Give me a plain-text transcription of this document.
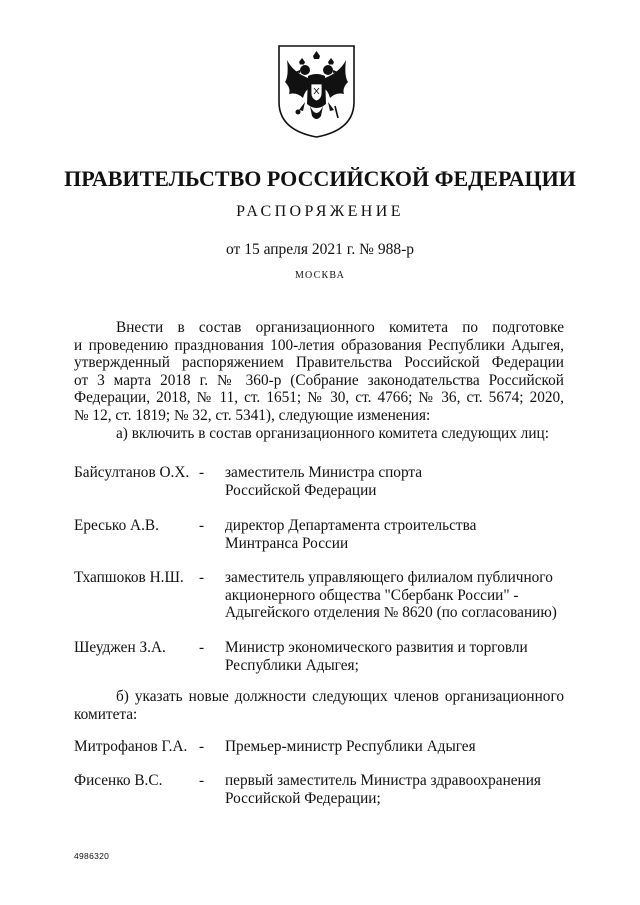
ПРАВИТЕЛЬСТВО РОССИЙСКОЙ ФЕДЕРАЦИИ
РАСПОРЯЖЕНИЕ
от 15 апреля 2021 г. № 988-р
МОСКВА
Внести в состав организационного комитета по подготовке
и проведению празднования 100-летия образования Республики Адыгея,
утвержденный распоряжением Правительства Российской Федерации
от 3 марта 2018 г. № 360-р (Собрание законодательства Российской
Федерации, 2018, № 11, ст. 1651; № 30, ст. 4766; № 36, ст. 5674; 2020,
№ 12, ст. 1819; № 32, ст. 5341), следующие изменения:
а) включить в состав организационного комитета следующих лиц:
Байсултанов О.Х. - заместитель Министра спорта
Российской Федерации
Ересько А.В.	- директор Департамента строительства
Минтранса России
Тхапшоков Н.Ш. - заместитель управляющего филиалом публичного
акционерного общества "Сбербанк России" -
Адыгейского отделения № 8620 (по согласованию)
Шеуджен З.А. - Министр экономического развития и торговли
Республики Адыгея;
б) указать новые должности следующих членов организационного
комитета:
Митрофанов Г.А. - Премьер-министр Республики Адыгея
Фисенко В.С. - первый заместитель Министра здравоохранения
Российской Федерации;
4986320
